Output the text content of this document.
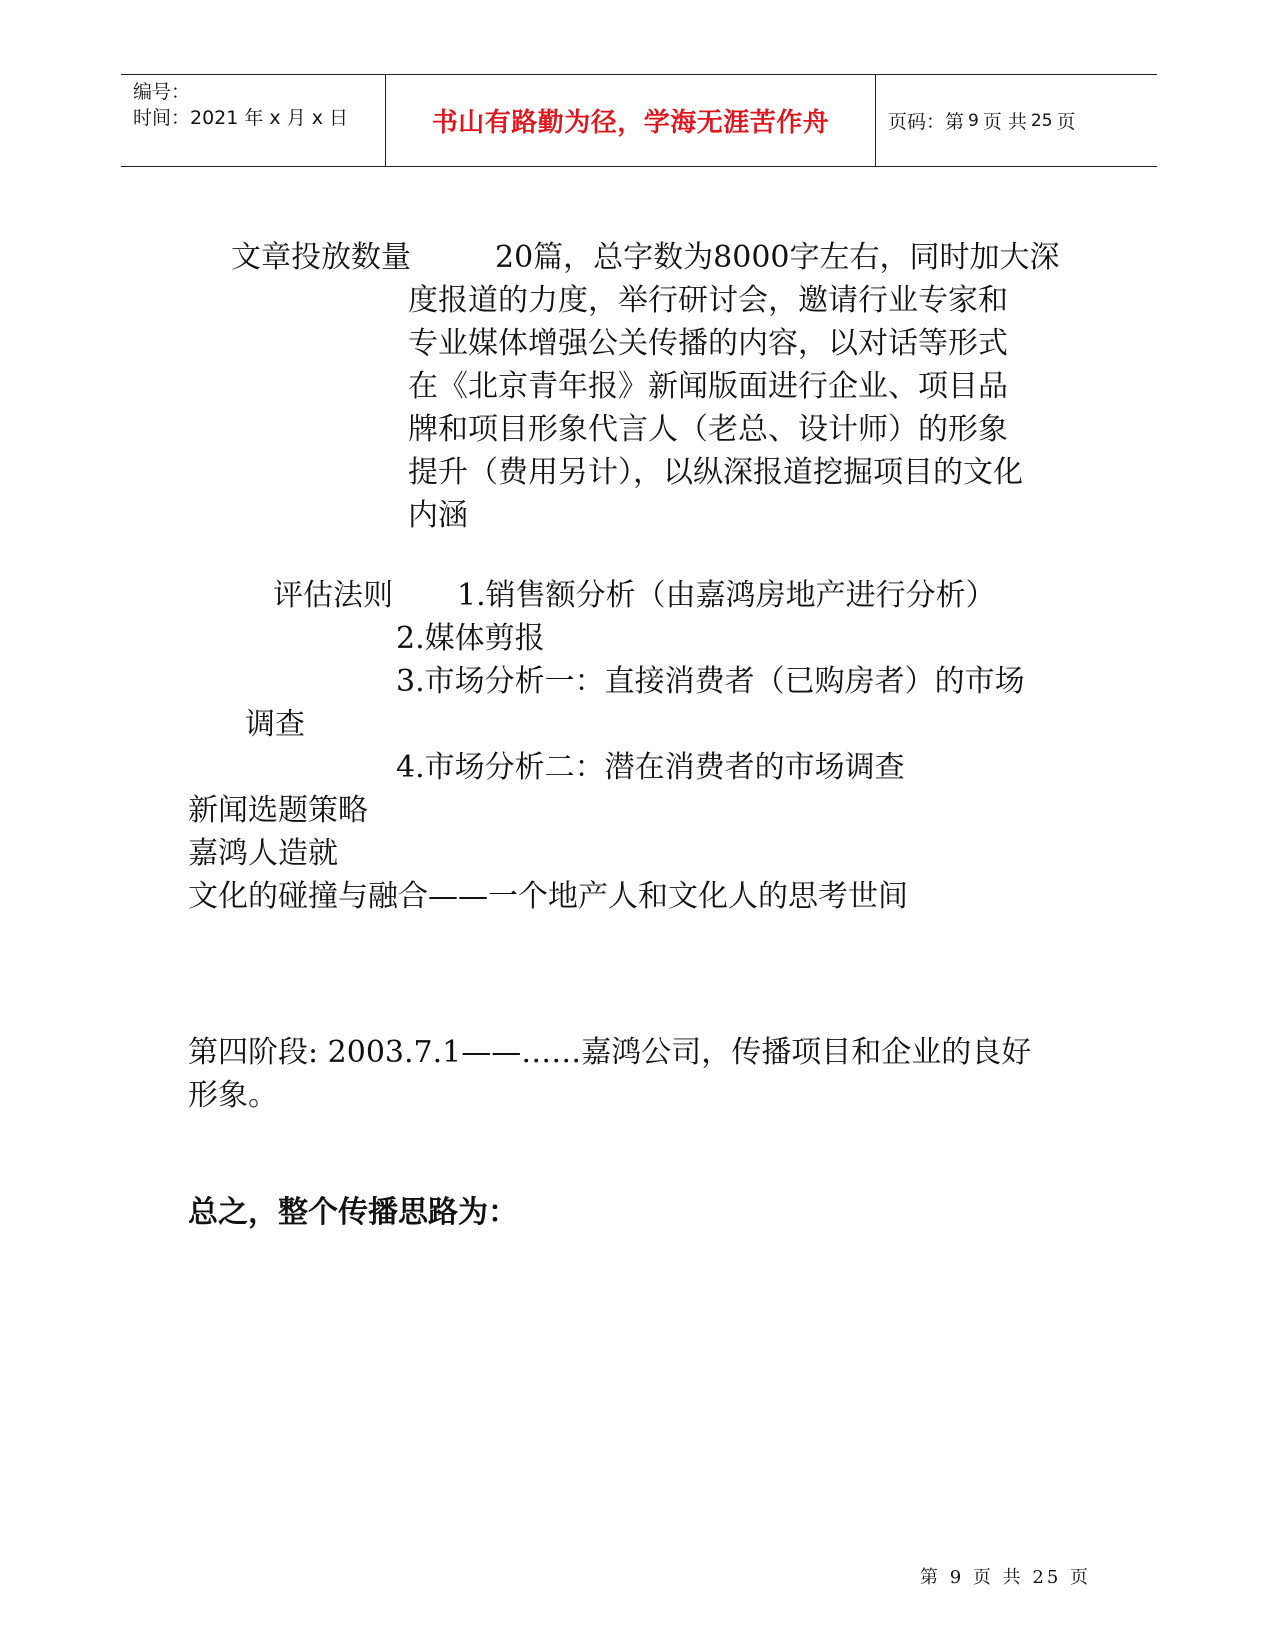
编号：
时间：2021 年 x 月 x 日	书山有路勤为径，学海无涯苦作舟	页码：第 9 页 共 25 页
文章投放数量	20篇，总字数为8000字左右，同时加大深
度报道的力度，举行研讨会，邀请行业专家和
专业媒体增强公关传播的内容，以对话等形式
在《北京青年报》新闻版面进行企业、项目品
牌和项目形象代言人（老总、设计师）的形象
提升（费用另计），以纵深报道挖掘项目的文化
内涵
评估法则 1.销售额分析（由嘉鸿房地产进行分析）
2.媒体剪报
3.市场分析一：直接消费者（已购房者）的市场
调查
4.市场分析二：潜在消费者的市场调查
新闻选题策略
嘉鸿人造就
文化的碰撞与融合——一个地产人和文化人的思考世间
第四阶段: 2003.7.1——……嘉鸿公司，传播项目和企业的良好
形象。
总之，整个传播思路为：
第 9 页 共 25 页
